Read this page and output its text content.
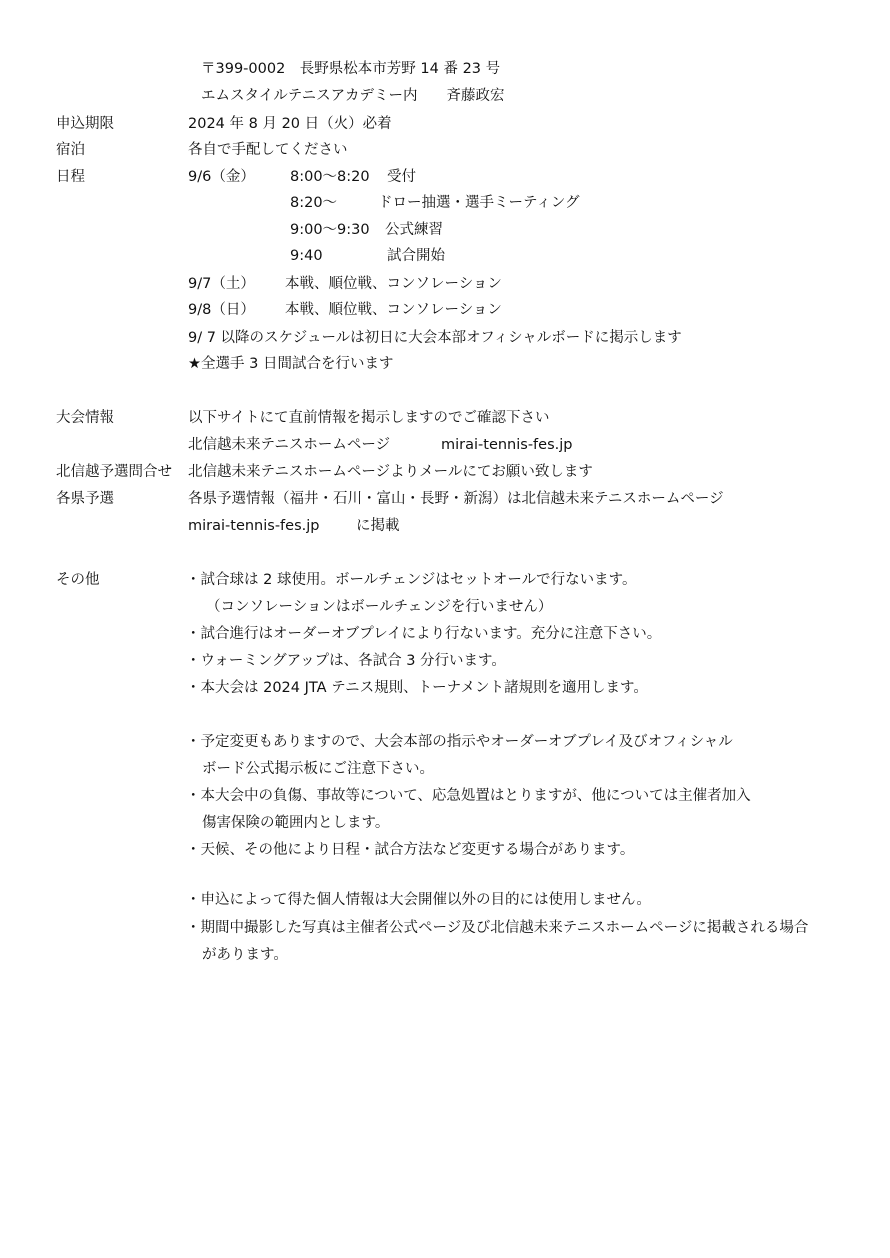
〒399-0002　長野県松本市芳野 14 番 23 号
エムスタイルテニスアカデミー内　　斉藤政宏
申込期限	2024 年 8 月 20 日（火）必着
宿泊	各自で手配してください
日程	9/6（金） 8:00～8:20 受付
8:20～	ドロー抽選・選手ミーティング
9:00～9:30 公式練習
9:40	試合開始
9/7（土） 本戦、順位戦、コンソレーション
9/8（日） 本戦、順位戦、コンソレーション
9/ 7 以降のスケジュールは初日に大会本部オフィシャルボードに掲示します
★全選手 3 日間試合を行います
大会情報	以下サイトにて直前情報を掲示しますのでご確認下さい
北信越未来テニスホームページ	mirai-tennis-fes.jp
北信越予選問合せ 北信越未来テニスホームページよりメールにてお願い致します
各県予選	各県予選情報（福井・石川・富山・長野・新潟）は北信越未来テニスホームページ
mirai-tennis-fes.jp	に掲載
その他	・試合球は 2 球使用。ボールチェンジはセットオールで行ないます。
（コンソレーションはボールチェンジを行いません）
・試合進行はオーダーオブプレイにより行ないます。充分に注意下さい。
・ウォーミングアップは、各試合 3 分行います。
・本大会は 2024 JTA テニス規則、トーナメント諸規則を適用します。
・予定変更もありますので、大会本部の指示やオーダーオブプレイ及びオフィシャル
ボード公式掲示板にご注意下さい。
・本大会中の負傷、事故等について、応急処置はとりますが、他については主催者加入
傷害保険の範囲内とします。
・天候、その他により日程・試合方法など変更する場合があります。
・申込によって得た個人情報は大会開催以外の目的には使用しません。
・期間中撮影した写真は主催者公式ページ及び北信越未来テニスホームページに掲載される場合
があります。
